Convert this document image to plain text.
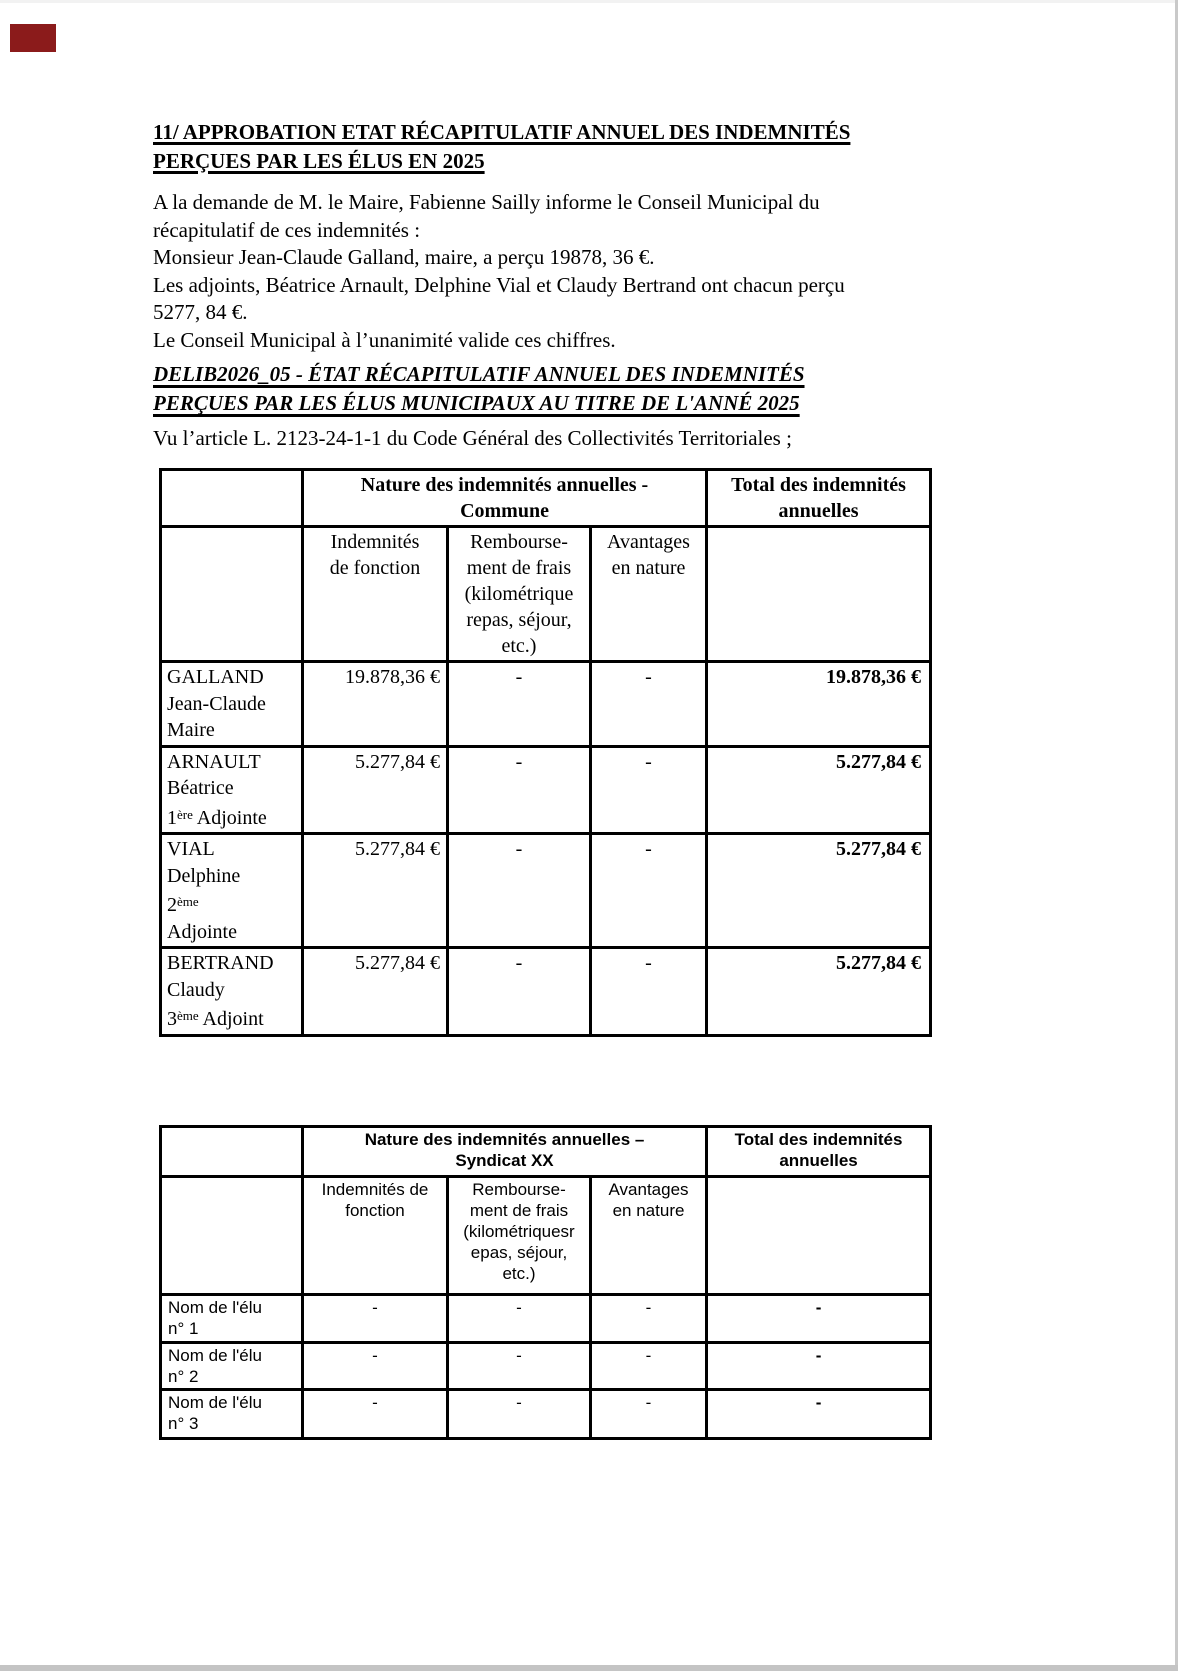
11/ APPROBATION ETAT RÉCAPITULATIF ANNUEL DES INDEMNITÉS
PERÇUES PAR LES ÉLUS EN 2025

A la demande de M. le Maire, Fabienne Sailly informe le Conseil Municipal du
récapitulatif de ces indemnités :
Monsieur Jean-Claude Galland, maire, a perçu 19878, 36 €.
Les adjoints, Béatrice Arnault, Delphine Vial et Claudy Bertrand ont chacun perçu
5277, 84 €.
Le Conseil Municipal à l’unanimité valide ces chiffres.

DELIB2026_05 - ÉTAT RÉCAPITULATIF ANNUEL DES INDEMNITÉS
PERÇUES PAR LES ÉLUS MUNICIPAUX AU TITRE DE L'ANNÉ 2025

Vu l’article L. 2123-24-1-1 du Code Général des Collectivités Territoriales ;

	Nature des indemnités annuelles -
Commune			Total des indemnités
annuelles
	Indemnités
de fonction	Rembourse-
ment de frais
(kilométrique
repas, séjour,
etc.)	Avantages
en nature	

GALLAND
Jean-Claude
Maire	19.878,36 €	-	-	19.878,36 €

ARNAULT
Béatrice
1ère Adjointe	5.277,84 €	-	-	5.277,84 €

VIAL
Delphine
2ème
Adjointe	5.277,84 €	-	-	5.277,84 €

BERTRAND
Claudy
3ème Adjoint	5.277,84 €	-	-	5.277,84 €
	Nature des indemnités annuelles –
Syndicat XX			Total des indemnités
annuelles
	Indemnités de
fonction	Rembourse-
ment de frais
(kilométriquesr
epas, séjour,
etc.)	Avantages
en nature	
Nom de l'élu
n° 1	-	-	-	-
Nom de l'élu
n° 2	-	-	-	-
Nom de l'élu
n° 3	-	-	-	-
